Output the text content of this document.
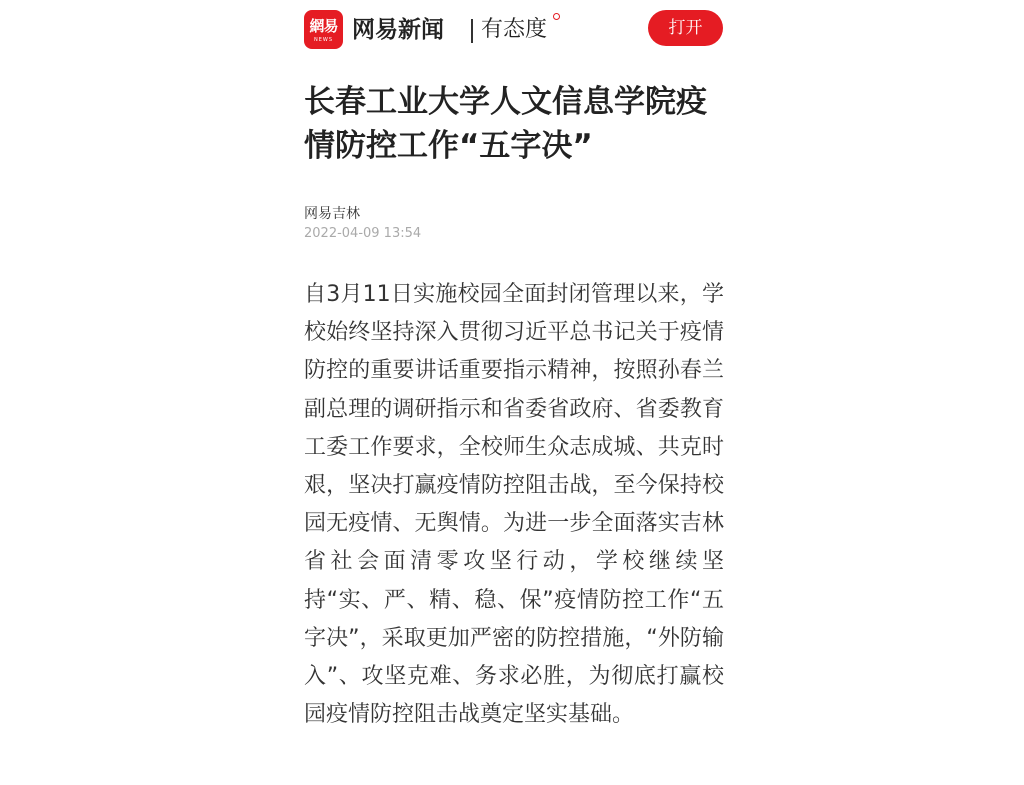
網易
NEWS 网易新闻 有态度	打开
长春工业大学人文信息学院疫情防控工作“五字决”
网易吉林
2022-04-09 13:54

自3月11日实施校园全面封闭管理以来，学校始终坚持深入贯彻习近平总书记关于疫情防控的重要讲话重要指示精神，按照孙春兰副总理的调研指示和省委省政府、省委教育工委工作要求，全校师生众志成城、共克时艰，坚决打赢疫情防控阻击战，至今保持校园无疫情、无舆情。为进一步全面落实吉林省社会面清零攻坚行动，学校继续坚持“实、严、精、稳、保”疫情防控工作“五字决”，采取更加严密的防控措施，“外防输入”、攻坚克难、务求必胜，为彻底打赢校园疫情防控阻击战奠定坚实基础。
